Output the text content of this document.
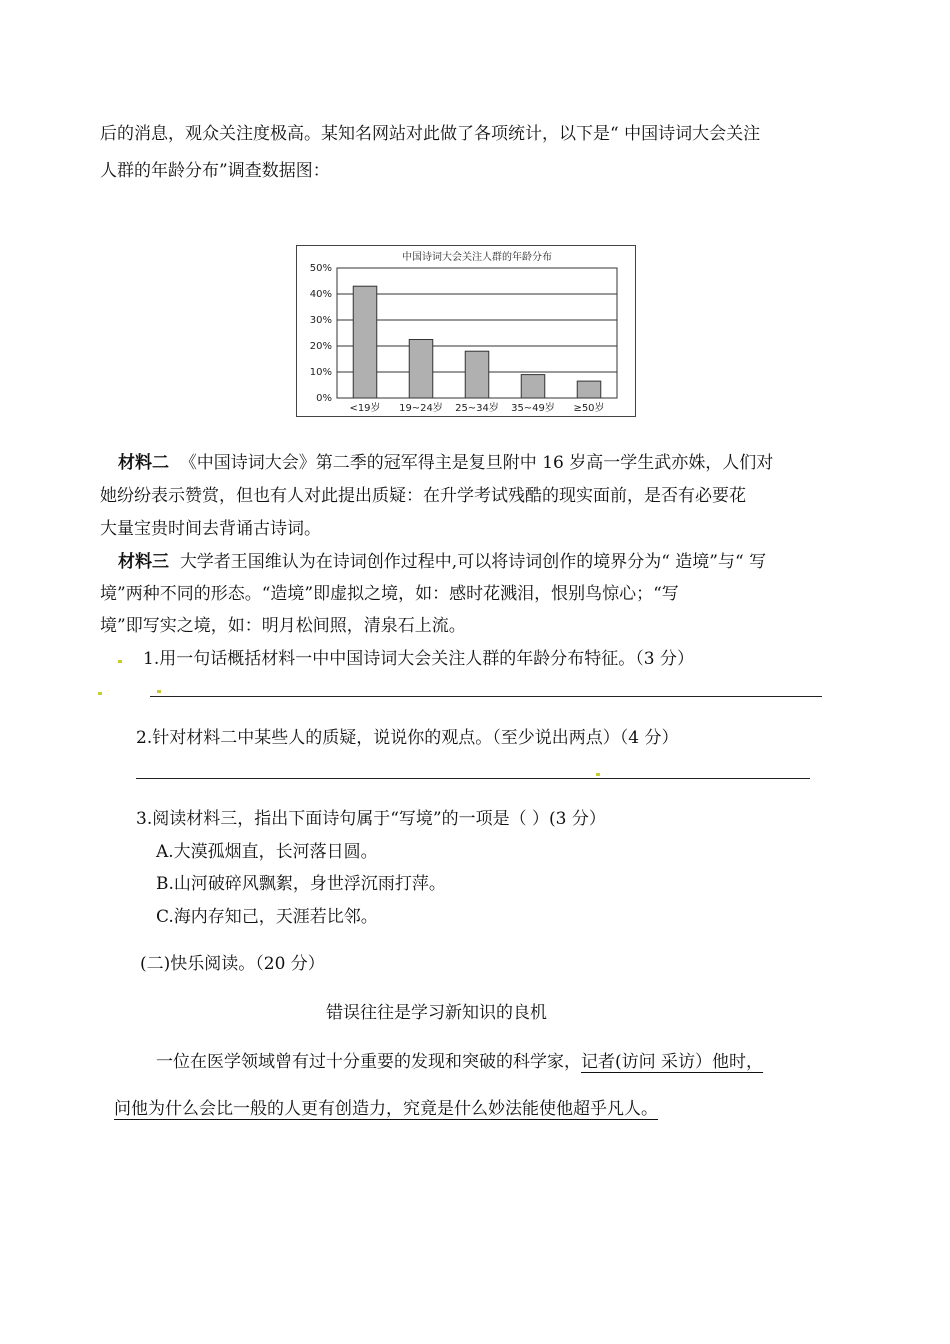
后的消息，观众关注度极高。某知名网站对此做了各项统计，以下是“ 中国诗词大会关注
人群的年龄分布”调查数据图：
中国诗词大会关注人群的年龄分布
0%
10%
20%
30%
40%
50%
<19岁 19~24岁 25~34岁 35~49岁 ≥50岁
材料二 《中国诗词大会》第二季的冠军得主是复旦附中 16 岁高一学生武亦姝，人们对
她纷纷表示赞赏，但也有人对此提出质疑：在升学考试残酷的现实面前，是否有必要花
大量宝贵时间去背诵古诗词。
材料三 大学者王国维认为在诗词创作过程中,可以将诗词创作的境界分为“ 造境”与“ 写
境”两种不同的形态。“造境”即虚拟之境，如：感时花溅泪，恨别鸟惊心；“写
境”即写实之境，如：明月松间照，清泉石上流。
1.用一句话概括材料一中中国诗词大会关注人群的年龄分布特征。（3 分）
2.针对材料二中某些人的质疑，说说你的观点。（至少说出两点）（4 分）
3.阅读材料三，指出下面诗句属于“写境”的一项是（ ）(3 分）
A.大漠孤烟直，长河落日圆。
B.山河破碎风飘絮，身世浮沉雨打萍。
C.海内存知己，天涯若比邻。
(二)快乐阅读。（20 分）
错误往往是学习新知识的良机
一位在医学领域曾有过十分重要的发现和突破的科学家，记者(访问 采访）他时，
问他为什么会比一般的人更有创造力，究竟是什么妙法能使他超乎凡人。
